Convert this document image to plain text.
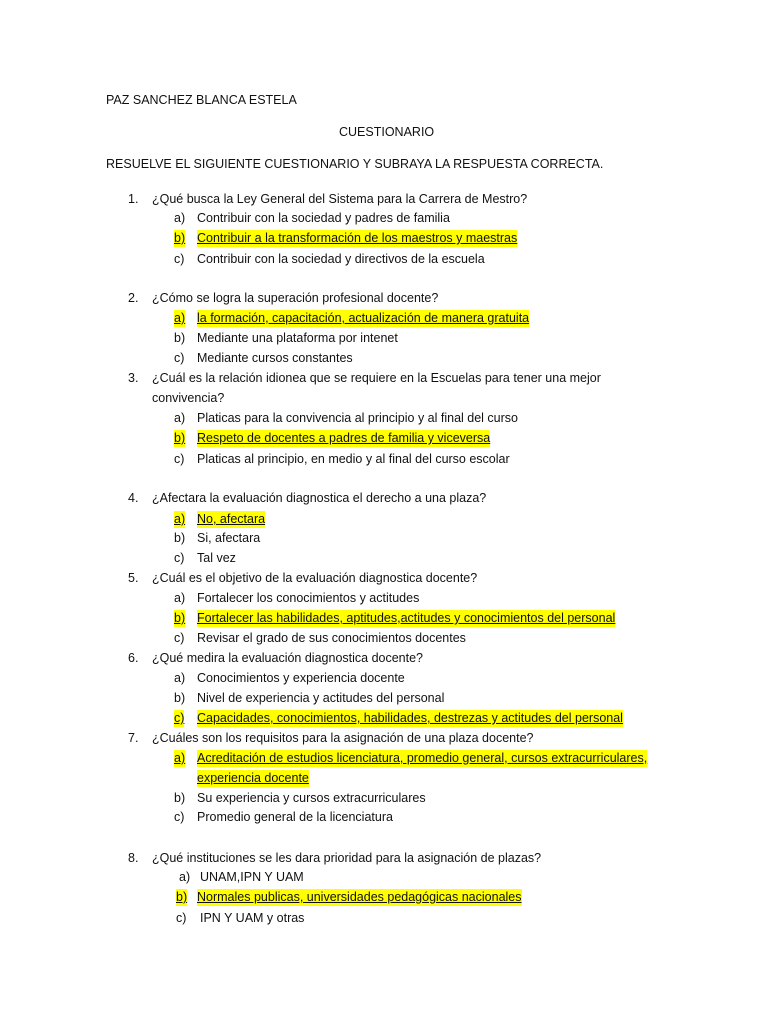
PAZ SANCHEZ BLANCA ESTELA
CUESTIONARIO
RESUELVE EL SIGUIENTE CUESTIONARIO Y SUBRAYA LA RESPUESTA CORRECTA.
1. ¿Qué busca la Ley General del Sistema para la Carrera de Mestro?
a) Contribuir con la sociedad y padres de familia
b) Contribuir a la transformación de los maestros y maestras
c) Contribuir con la sociedad y directivos de la escuela
2. ¿Cómo se logra la superación profesional docente?
a) la formación, capacitación, actualización de manera gratuita
b) Mediante una plataforma por intenet
c) Mediante cursos constantes
3. ¿Cuál es la relación idionea que se requiere en la Escuelas para tener una mejor
convivencia?
a) Platicas para la convivencia al principio y al final del curso
b) Respeto de docentes a padres de familia y viceversa
c) Platicas al principio, en medio y al final del curso escolar
4. ¿Afectara la evaluación diagnostica el derecho a una plaza?
a) No, afectara
b) Si, afectara
c) Tal vez
5. ¿Cuál es el objetivo de la evaluación diagnostica docente?
a) Fortalecer los conocimientos y actitudes
b) Fortalecer las habilidades, aptitudes,actitudes y conocimientos del personal
c) Revisar el grado de sus conocimientos docentes
6. ¿Qué medira la evaluación diagnostica docente?
a) Conocimientos y experiencia docente
b) Nivel de experiencia y actitudes del personal
c) Capacidades, conocimientos, habilidades, destrezas y actitudes del personal
7. ¿Cuáles son los requisitos para la asignación de una plaza docente?
a) Acreditación de estudios licenciatura, promedio general, cursos extracurriculares,
experiencia docente
b) Su experiencia y cursos extracurriculares
c) Promedio general de la licenciatura
8. ¿Qué instituciones se les dara prioridad para la asignación de plazas?
a) UNAM,IPN Y UAM
b) Normales publicas, universidades pedagógicas nacionales
c) IPN Y UAM y otras
